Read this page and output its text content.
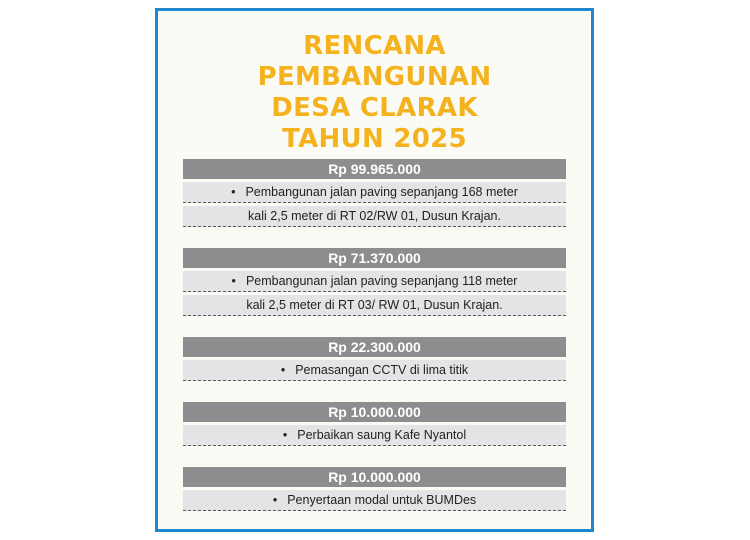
RENCANA
PEMBANGUNAN
DESA CLARAK
TAHUN 2025
Rp 99.965.000
• Pembangunan jalan paving sepanjang 168 meter
kali 2,5 meter di RT 02/RW 01, Dusun Krajan.
Rp 71.370.000
• Pembangunan jalan paving sepanjang 118 meter
kali 2,5 meter di RT 03/ RW 01, Dusun Krajan.
Rp 22.300.000
• Pemasangan CCTV di lima titik
Rp 10.000.000
• Perbaikan saung Kafe Nyantol
Rp 10.000.000
• Penyertaan modal untuk BUMDes
